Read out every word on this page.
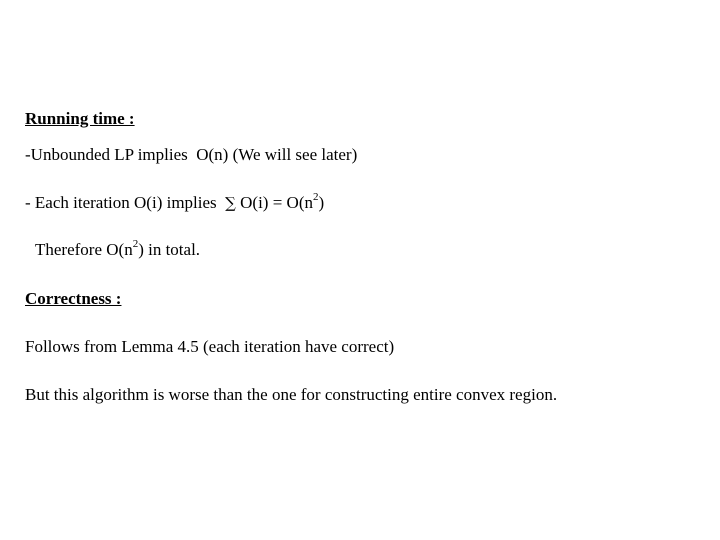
Running time :
-Unbounded LP implies  O(n) (We will see later)
- Each iteration O(i) implies  ∑ $O(i) = O(n^2)$
Therefore $O(n^2)$ in total.
Correctness :
Follows from Lemma 4.5 (each iteration have correct)
But this algorithm is worse than the one for constructing entire convex region.
